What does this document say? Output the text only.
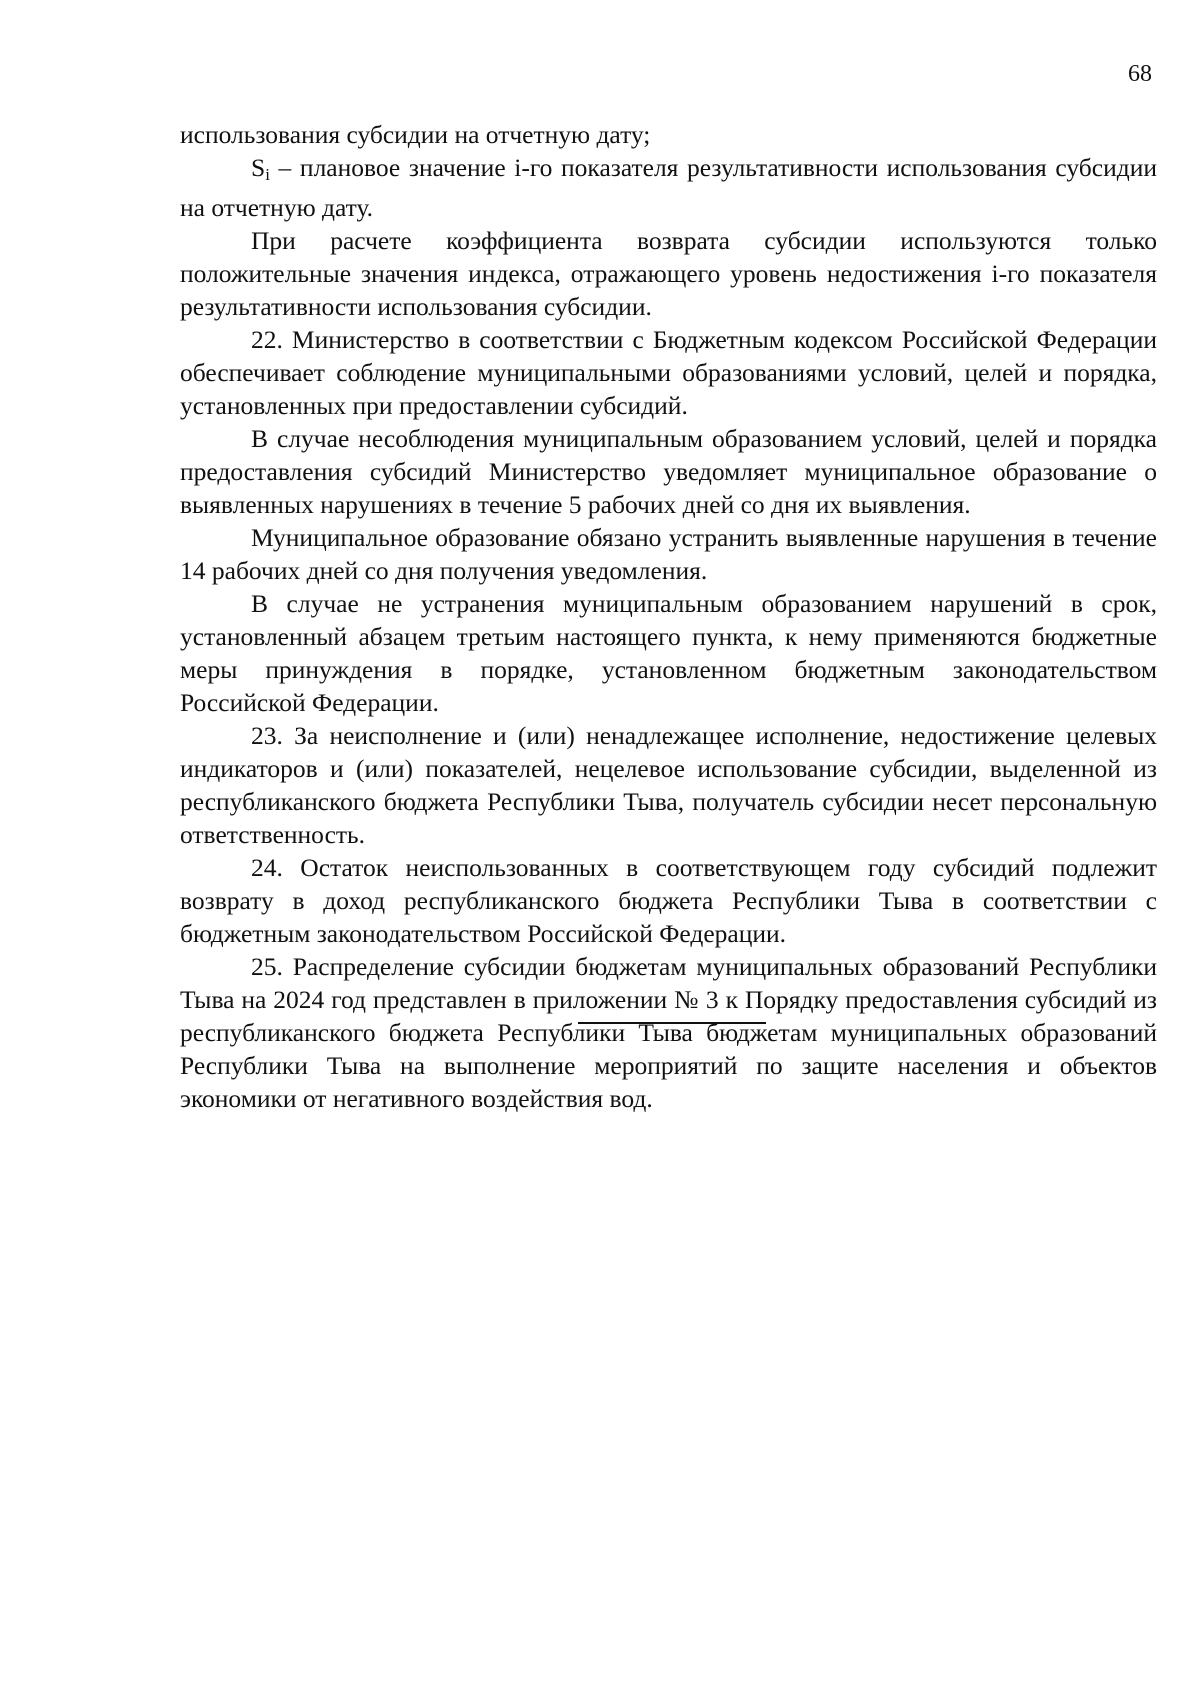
68

использования субсидии на отчетную дату;

Si – плановое значение i-го показателя результативности использования субсидии на отчетную дату.

При расчете коэффициента возврата субсидии используются только положительные значения индекса, отражающего уровень недостижения i-го показателя результативности использования субсидии.

22. Министерство в соответствии с Бюджетным кодексом Российской Федерации обеспечивает соблюдение муниципальными образованиями условий, целей и порядка, установленных при предоставлении субсидий.

В случае несоблюдения муниципальным образованием условий, целей и порядка предоставления субсидий Министерство уведомляет муниципальное образование о выявленных нарушениях в течение 5 рабочих дней со дня их выявления.

Муниципальное образование обязано устранить выявленные нарушения в течение 14 рабочих дней со дня получения уведомления.

В случае не устранения муниципальным образованием нарушений в срок, установленный абзацем третьим настоящего пункта, к нему применяются бюджетные меры принуждения в порядке, установленном бюджетным законодательством Российской Федерации.

23. За неисполнение и (или) ненадлежащее исполнение, недостижение целевых индикаторов и (или) показателей, нецелевое использование субсидии, выделенной из республиканского бюджета Республики Тыва, получатель субсидии несет персональную ответственность.

24. Остаток неиспользованных в соответствующем году субсидий подлежит возврату в доход республиканского бюджета Республики Тыва в соответствии с бюджетным законодательством Российской Федерации.

25. Распределение субсидии бюджетам муниципальных образований Республики Тыва на 2024 год представлен в приложении № 3 к Порядку предоставления субсидий из республиканского бюджета Республики Тыва бюджетам муниципальных образований Республики Тыва на выполнение мероприятий по защите населения и объектов экономики от негативного воздействия вод.
